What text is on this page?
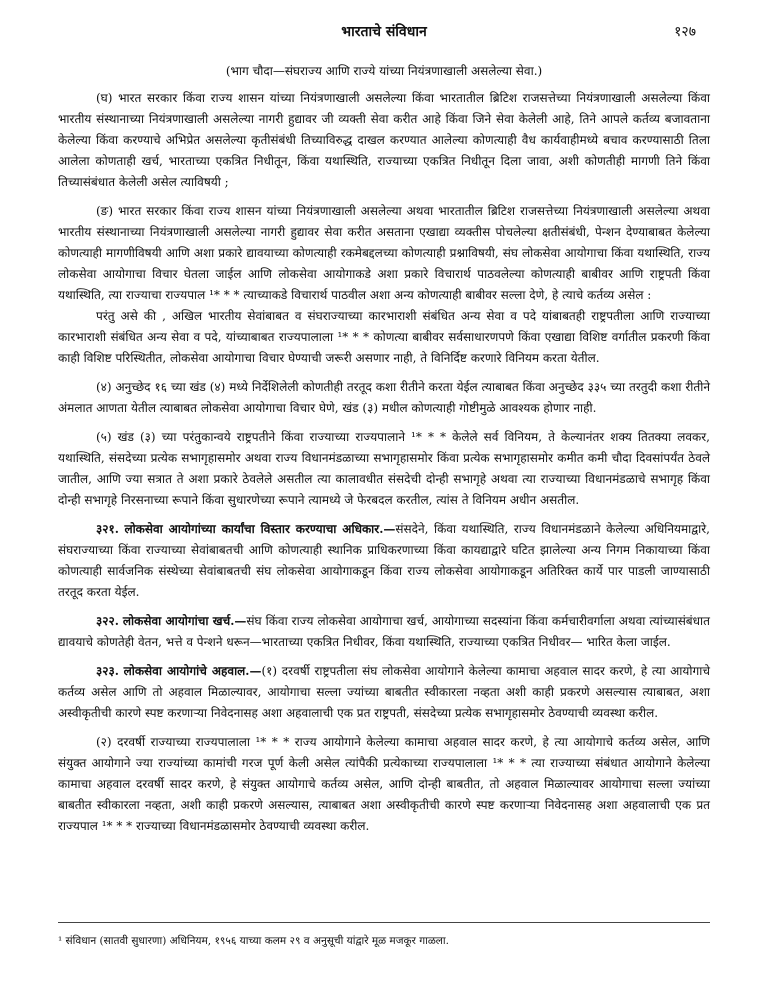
भारताचे संविधान	१२७
(भाग चौदा—संघराज्य आणि राज्ये यांच्या नियंत्रणाखाली असलेल्या सेवा.)

(घ) भारत सरकार किंवा राज्य शासन यांच्या नियंत्रणाखाली असलेल्या किंवा भारतातील ब्रिटिश राजसत्तेच्या नियंत्रणाखाली असलेल्या किंवा भारतीय संस्थानाच्या नियंत्रणाखाली असलेल्या नागरी हुद्यावर जी व्यक्ती सेवा करीत आहे किंवा जिने सेवा केलेली आहे, तिने आपले कर्तव्य बजावताना केलेल्या किंवा करण्याचे अभिप्रेत असलेल्या कृतीसंबंधी तिच्याविरुद्ध दाखल करण्यात आलेल्या कोणत्याही वैध कार्यवाहीमध्ये बचाव करण्यासाठी तिला आलेला कोणताही खर्च, भारताच्या एकत्रित निधीतून, किंवा यथास्थिति, राज्याच्या एकत्रित निधीतून दिला जावा, अशी कोणतीही मागणी तिने किंवा तिच्यासंबंधात केलेली असेल त्याविषयी ;

(ङ) भारत सरकार किंवा राज्य शासन यांच्या नियंत्रणाखाली असलेल्या अथवा भारतातील ब्रिटिश राजसत्तेच्या नियंत्रणाखाली असलेल्या अथवा भारतीय संस्थानाच्या नियंत्रणाखाली असलेल्या नागरी हुद्यावर सेवा करीत असताना एखाद्या व्यक्तीस पोचलेल्या क्षतीसंबंधी, पेन्शन देण्याबाबत केलेल्या कोणत्याही मागणीविषयी आणि अशा प्रकारे द्यावयाच्या कोणत्याही रकमेबद्दलच्या कोणत्याही प्रश्नाविषयी, संघ लोकसेवा आयोगाचा किंवा यथास्थिति, राज्य लोकसेवा आयोगाचा विचार घेतला जाईल आणि लोकसेवा आयोगाकडे अशा प्रकारे विचारार्थ पाठवलेल्या कोणत्याही बाबीवर आणि राष्ट्रपती किंवा यथास्थिति, त्या राज्याचा राज्यपाल ¹* * * त्याच्याकडे विचारार्थ पाठवील अशा अन्य कोणत्याही बाबीवर सल्ला देणे, हे त्याचे कर्तव्य असेल :

परंतु असे की , अखिल भारतीय सेवांबाबत व संघराज्याच्या कारभाराशी संबंधित अन्य सेवा व पदे यांबाबतही राष्ट्रपतीला आणि राज्याच्या कारभाराशी संबंधित अन्य सेवा व पदे, यांच्याबाबत राज्यपालाला ¹* * * कोणत्या बाबीवर सर्वसाधारणपणे किंवा एखाद्या विशिष्ट वर्गातील प्रकरणी किंवा काही विशिष्ट परिस्थितीत, लोकसेवा आयोगाचा विचार घेण्याची जरूरी असणार नाही, ते विनिर्दिष्ट करणारे विनियम करता येतील.

(४) अनुच्छेद १६ च्या खंड (४) मध्ये निर्देशिलेली कोणतीही तरतूद कशा रीतीने करता येईल त्याबाबत किंवा अनुच्छेद ३३५ च्या तरतुदी कशा रीतीने अंमलात आणता येतील त्याबाबत लोकसेवा आयोगाचा विचार घेणे, खंड (३) मधील कोणत्याही गोष्टीमुळे आवश्यक होणार नाही.

(५) खंड (३) च्या परंतुकान्वये राष्ट्रपतीने किंवा राज्याच्या राज्यपालाने ¹* * * केलेले सर्व विनियम, ते केल्यानंतर शक्य तितक्या लवकर, यथास्थिति, संसदेच्या प्रत्येक सभागृहासमोर अथवा राज्य विधानमंडळाच्या सभागृहासमोर किंवा प्रत्येक सभागृहासमोर कमीत कमी चौदा दिवसांपर्यंत ठेवले जातील, आणि ज्या सत्रात ते अशा प्रकारे ठेवलेले असतील त्या कालावधीत संसदेची दोन्ही सभागृहे अथवा त्या राज्याच्या विधानमंडळाचे सभागृह किंवा दोन्ही सभागृहे निरसनाच्या रूपाने किंवा सुधारणेच्या रूपाने त्यामध्ये जे फेरबदल करतील, त्यांस ते विनियम अधीन असतील.

३२१. लोकसेवा आयोगांच्या कार्यांचा विस्तार करण्याचा अधिकार.—संसदेने, किंवा यथास्थिति, राज्य विधानमंडळाने केलेल्या अधिनियमाद्वारे, संघराज्याच्या किंवा राज्याच्या सेवांबाबतची आणि कोणत्याही स्थानिक प्राधिकरणाच्या किंवा कायद्याद्वारे घटित झालेल्या अन्य निगम निकायाच्या किंवा कोणत्याही सार्वजनिक संस्थेच्या सेवांबाबतची संघ लोकसेवा आयोगाकडून किंवा राज्य लोकसेवा आयोगाकडून अतिरिक्त कार्ये पार पाडली जाण्यासाठी तरतूद करता येईल.

३२२. लोकसेवा आयोगांचा खर्च.—संघ किंवा राज्य लोकसेवा आयोगाचा खर्च, आयोगाच्या सदस्यांना किंवा कर्मचारीवर्गाला अथवा त्यांच्यासंबंधात द्यावयाचे कोणतेही वेतन, भत्ते व पेन्शने धरून—भारताच्या एकत्रित निधीवर, किंवा यथास्थिति, राज्याच्या एकत्रित निधीवर— भारित केला जाईल.

३२३. लोकसेवा आयोगांचे अहवाल.—(१) दरवर्षी राष्ट्रपतीला संघ लोकसेवा आयोगाने केलेल्या कामाचा अहवाल सादर करणे, हे त्या आयोगाचे कर्तव्य असेल आणि तो अहवाल मिळाल्यावर, आयोगाचा सल्ला ज्यांच्या बाबतीत स्वीकारला नव्हता अशी काही प्रकरणे असल्यास त्याबाबत, अशा अस्वीकृतीची कारणे स्पष्ट करणाऱ्या निवेदनासह अशा अहवालाची एक प्रत राष्ट्रपती, संसदेच्या प्रत्येक सभागृहासमोर ठेवण्याची व्यवस्था करील.

(२) दरवर्षी राज्याच्या राज्यपालाला ¹* * * राज्य आयोगाने केलेल्या कामाचा अहवाल सादर करणे, हे त्या आयोगाचे कर्तव्य असेल, आणि संयुक्त आयोगाने ज्या राज्यांच्या कामांची गरज पूर्ण केली असेल त्यांपैकी प्रत्येकाच्या राज्यपालाला ¹* * * त्या राज्याच्या संबंधात आयोगाने केलेल्या कामाचा अहवाल दरवर्षी सादर करणे, हे संयुक्त आयोगाचे कर्तव्य असेल, आणि दोन्ही बाबतीत, तो अहवाल मिळाल्यावर आयोगाचा सल्ला ज्यांच्या बाबतीत स्वीकारला नव्हता, अशी काही प्रकरणे असल्यास, त्याबाबत अशा अस्वीकृतीची कारणे स्पष्ट करणाऱ्या निवेदनासह अशा अहवालाची एक प्रत राज्यपाल ¹* * * राज्याच्या विधानमंडळासमोर ठेवण्याची व्यवस्था करील.

¹ संविधान (सातवी सुधारणा) अधिनियम, १९५६ याच्या कलम २९ व अनुसूची यांद्वारे मूळ मजकूर गाळला.
